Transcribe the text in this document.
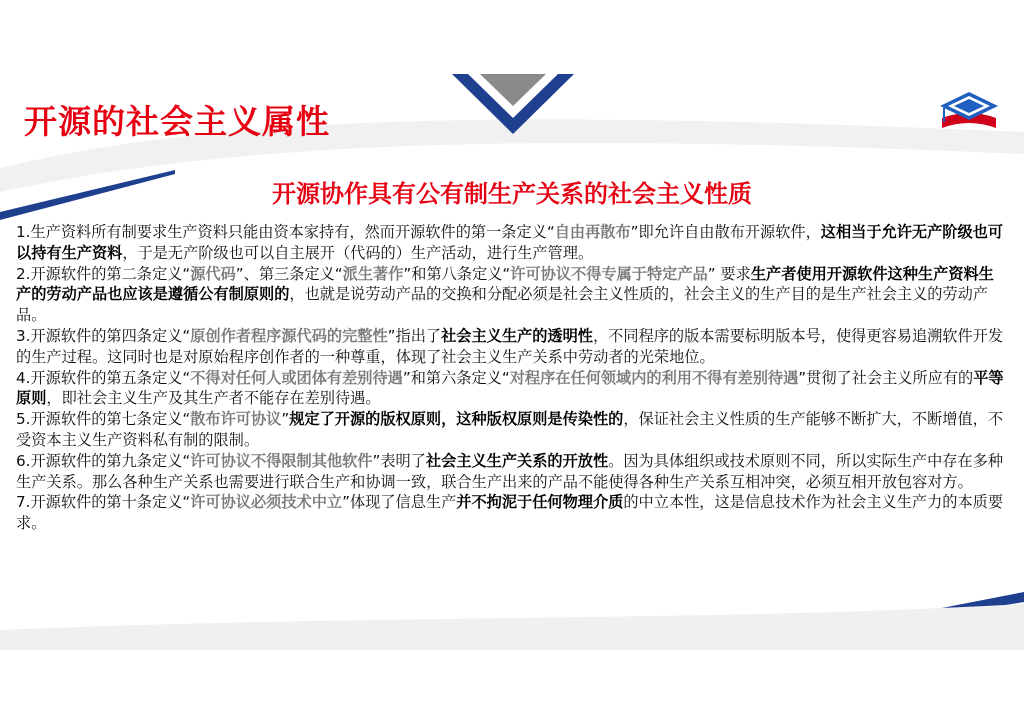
开源的社会主义属性
开源协作具有公有制生产关系的社会主义性质

1.生产资料所有制要求生产资料只能由资本家持有，然而开源软件的第一条定义“自由再散布”即允许自由散布开源软件，这相当于允许无产阶级也可以持有生产资料，于是无产阶级也可以自主展开（代码的）生产活动，进行生产管理。

2.开源软件的第二条定义“源代码”、第三条定义“派生著作”和第八条定义“许可协议不得专属于特定产品” 要求生产者使用开源软件这种生产资料生产的劳动产品也应该是遵循公有制原则的，也就是说劳动产品的交换和分配必须是社会主义性质的，社会主义的生产目的是生产社会主义的劳动产品。

3.开源软件的第四条定义“原创作者程序源代码的完整性”指出了社会主义生产的透明性，不同程序的版本需要标明版本号，使得更容易追溯软件开发的生产过程。这同时也是对原始程序创作者的一种尊重，体现了社会主义生产关系中劳动者的光荣地位。

4.开源软件的第五条定义“不得对任何人或团体有差别待遇”和第六条定义“对程序在任何领域内的利用不得有差别待遇”贯彻了社会主义所应有的平等原则，即社会主义生产及其生产者不能存在差别待遇。

5.开源软件的第七条定义“散布许可协议”规定了开源的版权原则，这种版权原则是传染性的，保证社会主义性质的生产能够不断扩大，不断增值，不受资本主义生产资料私有制的限制。

6.开源软件的第九条定义“许可协议不得限制其他软件”表明了社会主义生产关系的开放性。因为具体组织或技术原则不同，所以实际生产中存在多种生产关系。那么各种生产关系也需要进行联合生产和协调一致，联合生产出来的产品不能使得各种生产关系互相冲突，必须互相开放包容对方。

7.开源软件的第十条定义“许可协议必须技术中立”体现了信息生产并不拘泥于任何物理介质的中立本性，这是信息技术作为社会主义生产力的本质要求。
